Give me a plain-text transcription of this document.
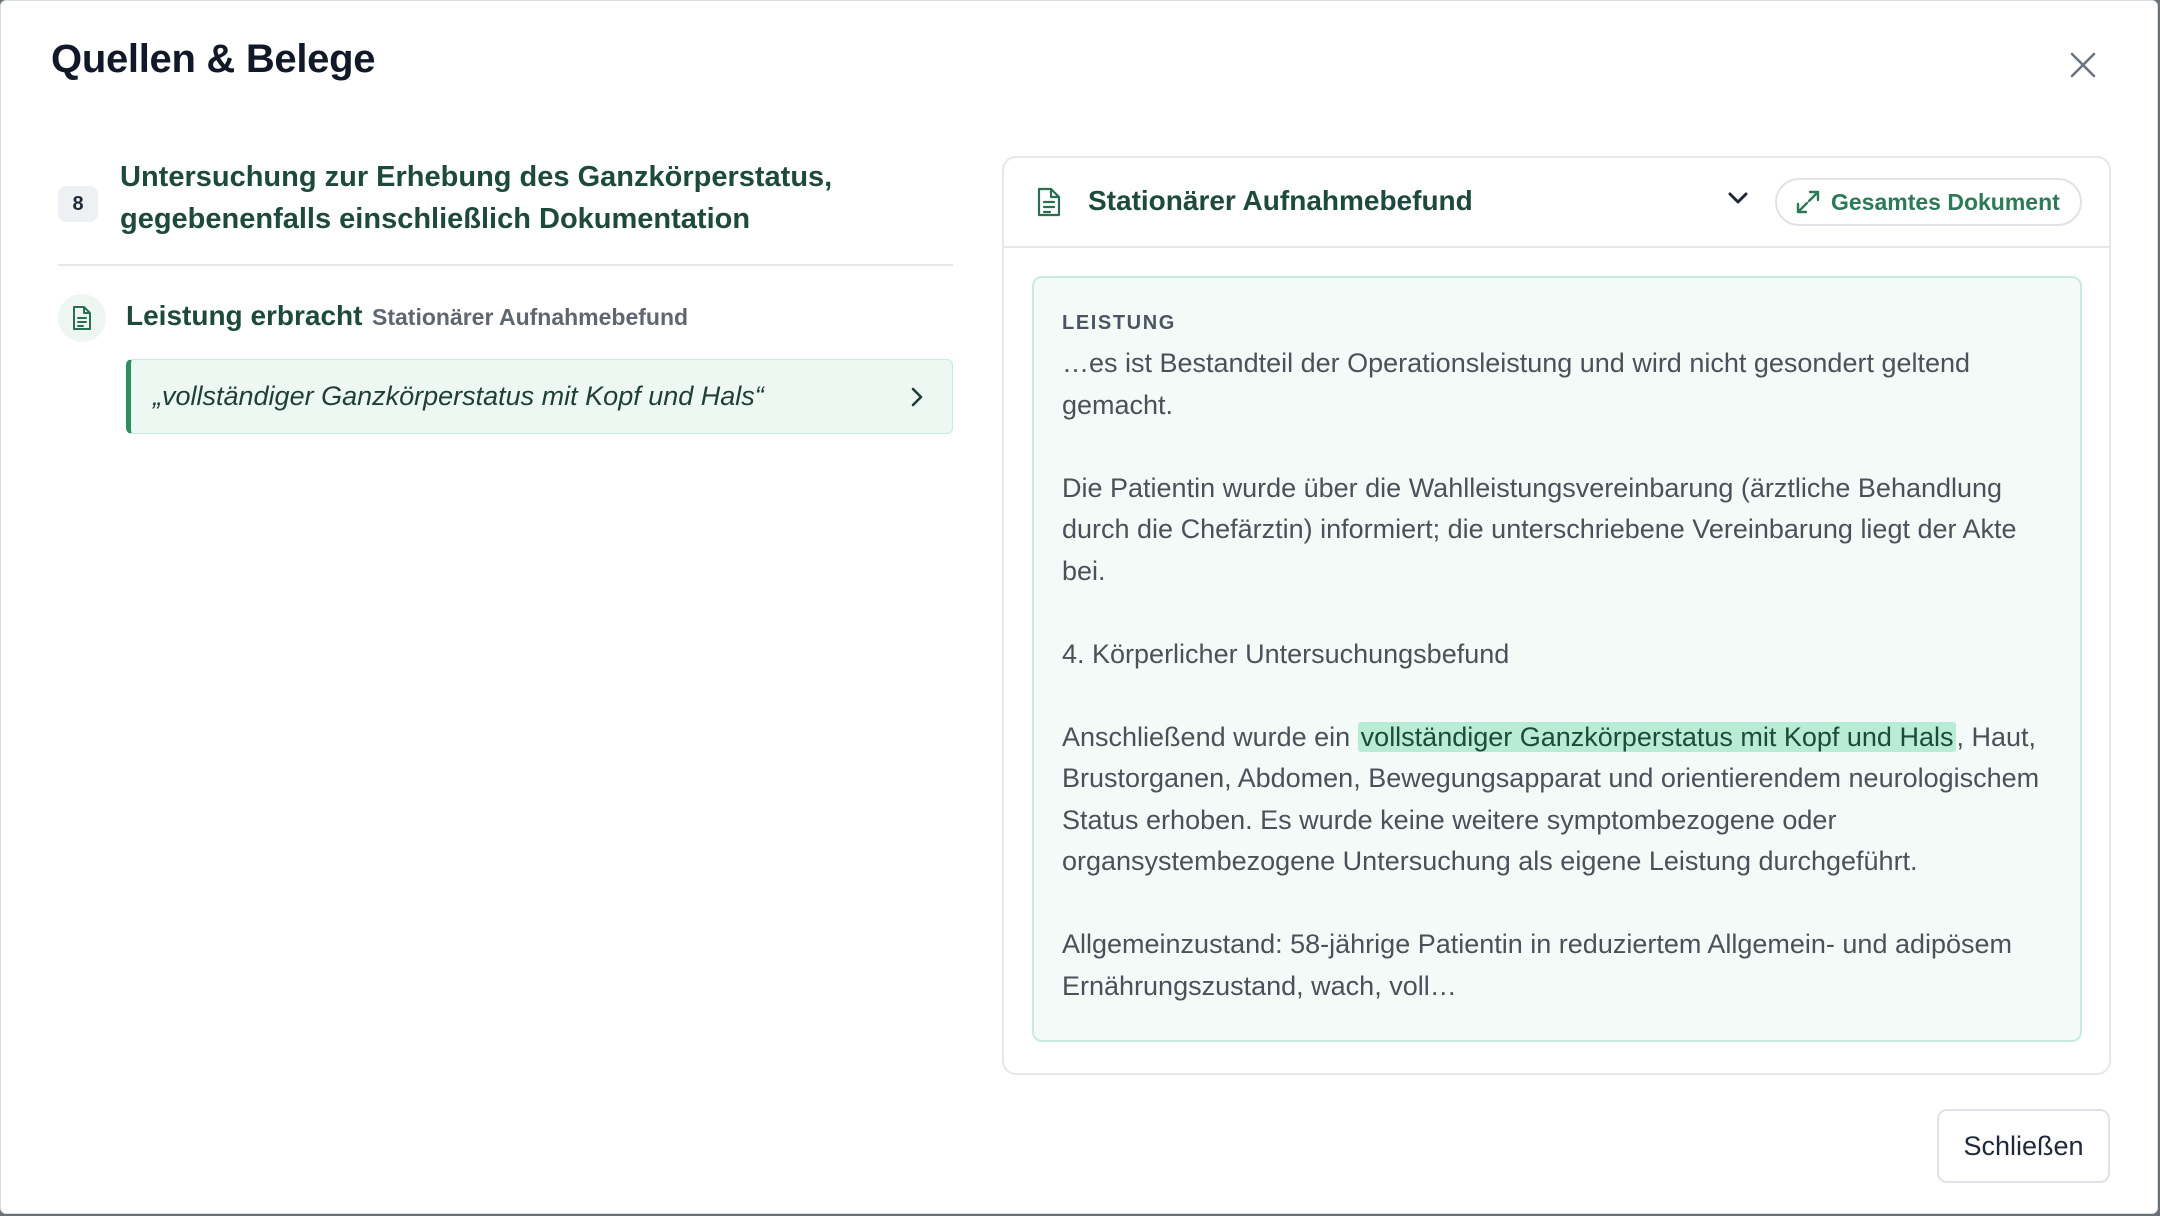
Quellen & Belege
8
Untersuchung zur Erhebung des Ganzkörperstatus, gegebenenfalls einschließlich Dokumentation
Leistung erbracht Stationärer Aufnahmebefund
„vollständiger Ganzkörperstatus mit Kopf und Hals“
Stationärer Aufnahmebefund	Gesamtes Dokument
LEISTUNG

…es ist Bestandteil der Operationsleistung und wird nicht gesondert geltend gemacht.

Die Patientin wurde über die Wahlleistungsvereinbarung (ärztliche Behandlung durch die Chefärztin) informiert; die unterschriebene Vereinbarung liegt der Akte bei.

4. Körperlicher Untersuchungsbefund

Anschließend wurde ein vollständiger Ganzkörperstatus mit Kopf und Hals , Haut, Brustorganen, Abdomen, Bewegungsapparat und orientierendem neurologischem Status erhoben. Es wurde keine weitere symptombezogene oder organsystembezogene Untersuchung als eigene Leistung durchgeführt.

Allgemeinzustand: 58-jährige Patientin in reduziertem Allgemein- und adipösem Ernährungszustand, wach, voll…

Schließen
